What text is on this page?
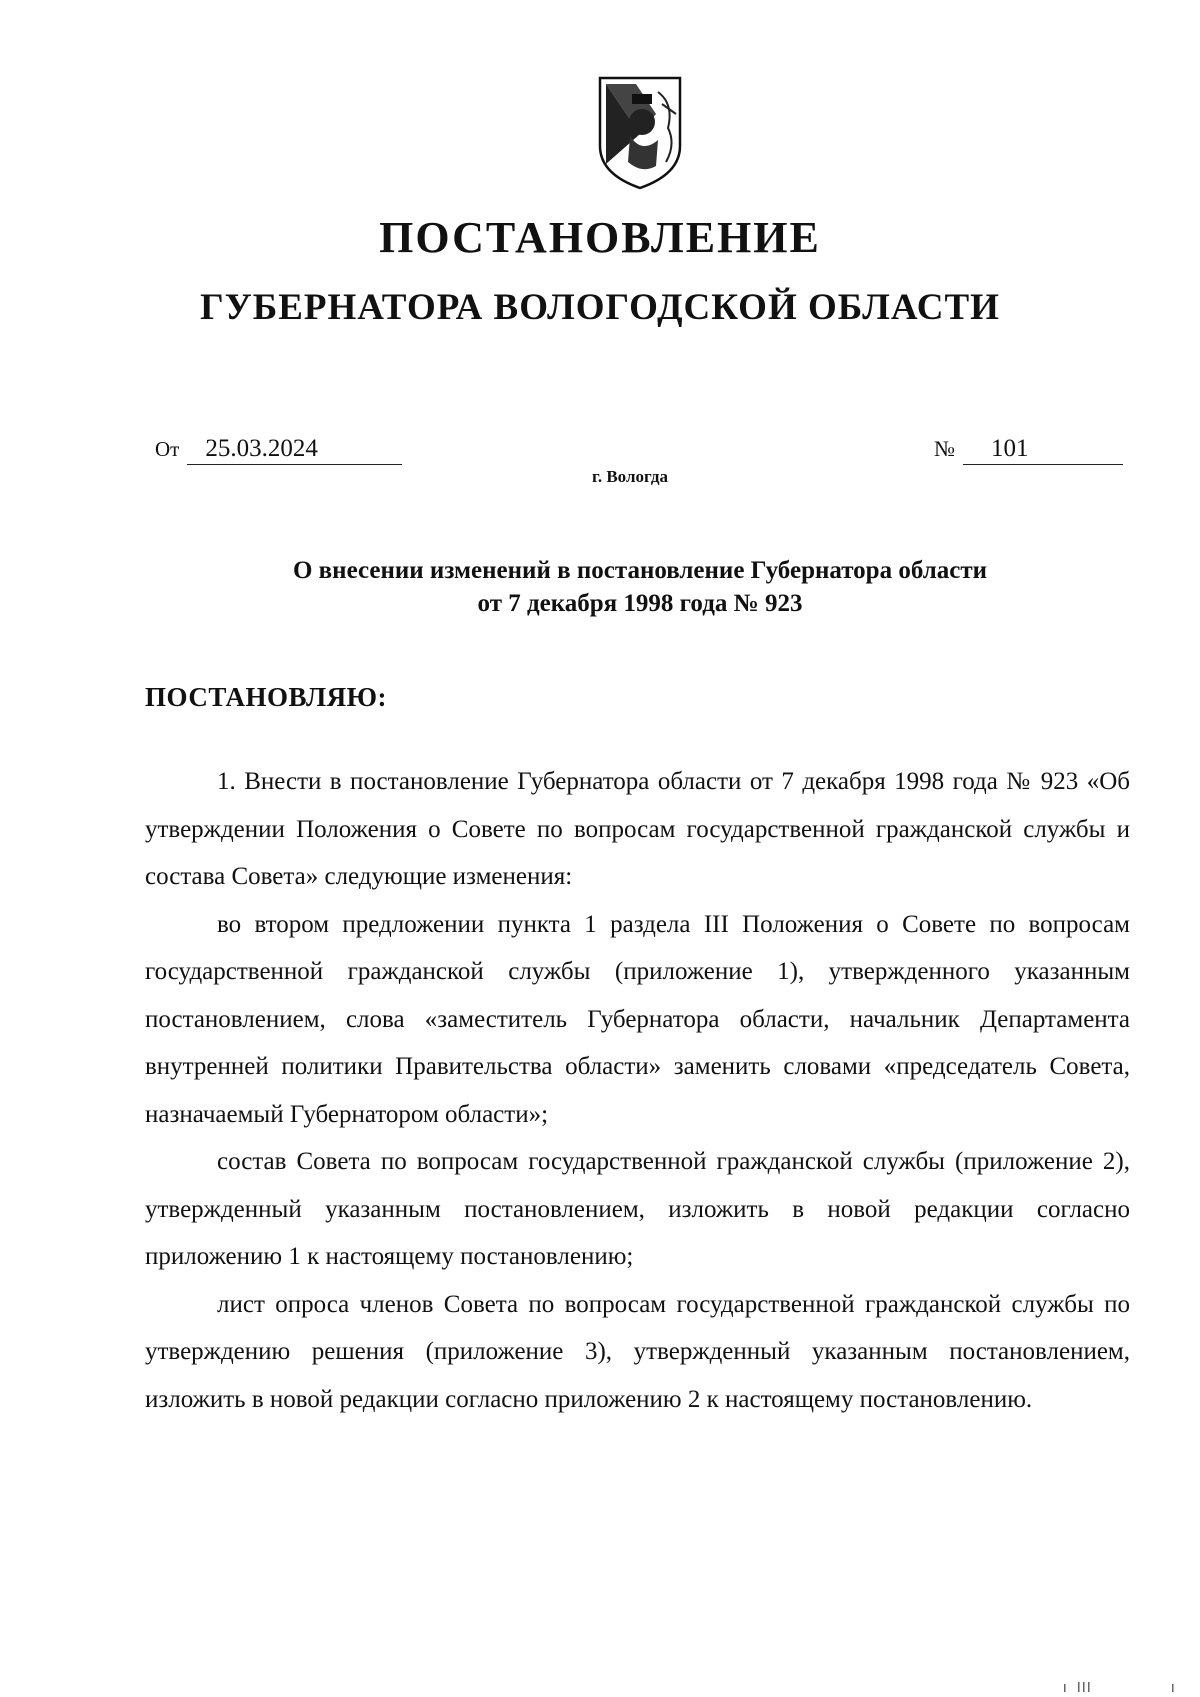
ПОСТАНОВЛЕНИЕ
ГУБЕРНАТОРА ВОЛОГОДСКОЙ ОБЛАСТИ
От 25.03.2024	№ 101
г. Вологда
О внесении изменений в постановление Губернатора области
от 7 декабря 1998 года № 923
ПОСТАНОВЛЯЮ:

1. Внести в постановление Губернатора области от 7 декабря 1998 года № 923 «Об утверждении Положения о Совете по вопросам государственной гражданской службы и состава Совета» следующие изменения:

во втором предложении пункта 1 раздела III Положения о Совете по вопросам государственной гражданской службы (приложение 1), утвержденного указанным постановлением, слова «заместитель Губернатора области, начальник Департамента внутренней политики Правительства области» заменить словами «председатель Совета, назначаемый Губернатором области»;

состав Совета по вопросам государственной гражданской службы (приложение 2), утвержденный указанным постановлением, изложить в новой редакции согласно приложению 1 к настоящему постановлению;

лист опроса членов Совета по вопросам государственной гражданской службы по утверждению решения (приложение 3), утвержденный указанным постановлением, изложить в новой редакции согласно приложению 2 к настоящему постановлению.
